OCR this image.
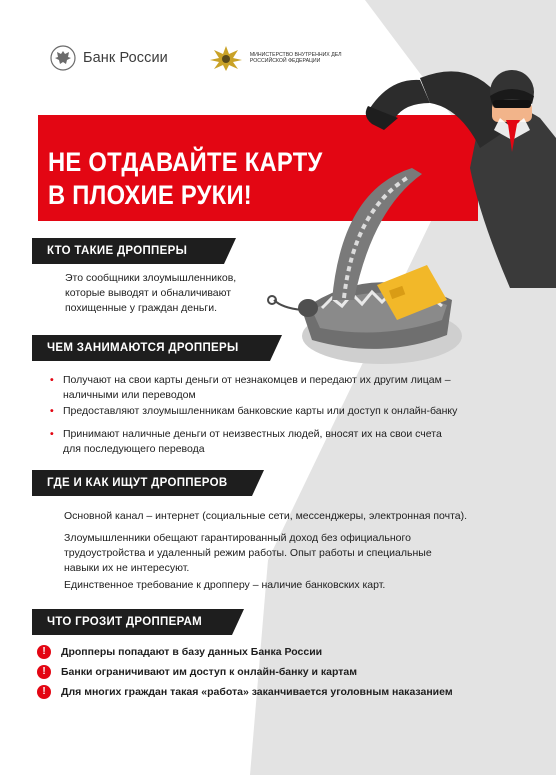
Банк России	МИНИСТЕРСТВО ВНУТРЕННИХ ДЕЛ
РОССИЙСКОЙ ФЕДЕРАЦИИ
НЕ ОТДАВАЙТЕ КАРТУ
В ПЛОХИЕ РУКИ!
КТО ТАКИЕ ДРОППЕРЫ
Это сообщники злоумышленников,
которые выводят и обналичивают
похищенные у граждан деньги.
ЧЕМ ЗАНИМАЮТСЯ ДРОППЕРЫ
• Получают на свои карты деньги от незнакомцев и передают их другим лицам –
наличными или переводом
• Предоставляют злоумышленникам банковские карты или доступ к онлайн-банку
• Принимают наличные деньги от неизвестных людей, вносят их на свои счета
для последующего перевода
ГДЕ И КАК ИЩУТ ДРОППЕРОВ
Основной канал – интернет (социальные сети, мессенджеры, электронная почта).
Злоумышленники обещают гарантированный доход без официального
трудоустройства и удаленный режим работы. Опыт работы и специальные
навыки их не интересуют.
Единственное требование к дропперу – наличие банковских карт.
ЧТО ГРОЗИТ ДРОППЕРАМ
!	Дропперы попадают в базу данных Банка России
!	Банки ограничивают им доступ к онлайн-банку и картам
!	Для многих граждан такая «работа» заканчивается уголовным наказанием
